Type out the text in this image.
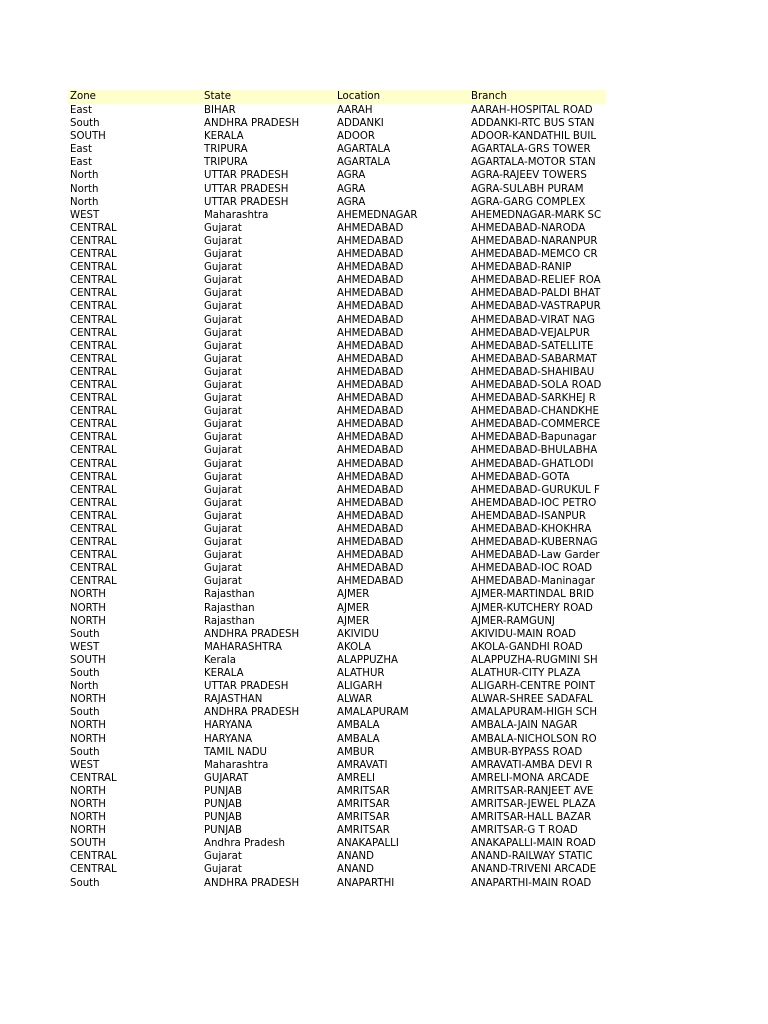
Zone	State	Location	Branch
East	BIHAR	AARAH	AARAH-HOSPITAL ROAD
South	ANDHRA PRADESH	ADDANKI	ADDANKI-RTC BUS STAN
SOUTH	KERALA	ADOOR	ADOOR-KANDATHIL BUIL
East	TRIPURA	AGARTALA	AGARTALA-GRS TOWER
East	TRIPURA	AGARTALA	AGARTALA-MOTOR STAN
North	UTTAR PRADESH	AGRA	AGRA-RAJEEV TOWERS
North	UTTAR PRADESH	AGRA	AGRA-SULABH PURAM
North	UTTAR PRADESH	AGRA	AGRA-GARG COMPLEX
WEST	Maharashtra	AHEMEDNAGAR	AHEMEDNAGAR-MARK SC
CENTRAL	Gujarat	AHMEDABAD	AHMEDABAD-NARODA
CENTRAL	Gujarat	AHMEDABAD	AHMEDABAD-NARANPUR
CENTRAL	Gujarat	AHMEDABAD	AHMEDABAD-MEMCO CR
CENTRAL	Gujarat	AHMEDABAD	AHMEDABAD-RANIP
CENTRAL	Gujarat	AHMEDABAD	AHMEDABAD-RELIEF ROA
CENTRAL	Gujarat	AHMEDABAD	AHMEDABAD-PALDI BHAT
CENTRAL	Gujarat	AHMEDABAD	AHMEDABAD-VASTRAPUR
CENTRAL	Gujarat	AHMEDABAD	AHMEDABAD-VIRAT NAG
CENTRAL	Gujarat	AHMEDABAD	AHMEDABAD-VEJALPUR
CENTRAL	Gujarat	AHMEDABAD	AHMEDABAD-SATELLITE
CENTRAL	Gujarat	AHMEDABAD	AHMEDABAD-SABARMAT
CENTRAL	Gujarat	AHMEDABAD	AHMEDABAD-SHAHIBAU
CENTRAL	Gujarat	AHMEDABAD	AHMEDABAD-SOLA ROAD
CENTRAL	Gujarat	AHMEDABAD	AHMEDABAD-SARKHEJ R
CENTRAL	Gujarat	AHMEDABAD	AHMEDABAD-CHANDKHE
CENTRAL	Gujarat	AHMEDABAD	AHMEDABAD-COMMERCE
CENTRAL	Gujarat	AHMEDABAD	AHMEDABAD-Bapunagar
CENTRAL	Gujarat	AHMEDABAD	AHMEDABAD-BHULABHA
CENTRAL	Gujarat	AHMEDABAD	AHMEDABAD-GHATLODI
CENTRAL	Gujarat	AHMEDABAD	AHMEDABAD-GOTA
CENTRAL	Gujarat	AHMEDABAD	AHMEDABAD-GURUKUL F
CENTRAL	Gujarat	AHMEDABAD	AHEMDABAD-IOC PETRO
CENTRAL	Gujarat	AHMEDABAD	AHEMDABAD-ISANPUR
CENTRAL	Gujarat	AHMEDABAD	AHMEDABAD-KHOKHRA
CENTRAL	Gujarat	AHMEDABAD	AHMEDABAD-KUBERNAG
CENTRAL	Gujarat	AHMEDABAD	AHMEDABAD-Law Garder
CENTRAL	Gujarat	AHMEDABAD	AHMEDABAD-IOC ROAD
CENTRAL	Gujarat	AHMEDABAD	AHMEDABAD-Maninagar
NORTH	Rajasthan	AJMER	AJMER-MARTINDAL BRID
NORTH	Rajasthan	AJMER	AJMER-KUTCHERY ROAD
NORTH	Rajasthan	AJMER	AJMER-RAMGUNJ
South	ANDHRA PRADESH	AKIVIDU	AKIVIDU-MAIN ROAD
WEST	MAHARASHTRA	AKOLA	AKOLA-GANDHI ROAD
SOUTH	Kerala	ALAPPUZHA	ALAPPUZHA-RUGMINI SH
South	KERALA	ALATHUR	ALATHUR-CITY PLAZA
North	UTTAR PRADESH	ALIGARH	ALIGARH-CENTRE POINT
NORTH	RAJASTHAN	ALWAR	ALWAR-SHREE SADAFAL
South	ANDHRA PRADESH	AMALAPURAM	AMALAPURAM-HIGH SCH
NORTH	HARYANA	AMBALA	AMBALA-JAIN NAGAR
NORTH	HARYANA	AMBALA	AMBALA-NICHOLSON RO
South	TAMIL NADU	AMBUR	AMBUR-BYPASS ROAD
WEST	Maharashtra	AMRAVATI	AMRAVATI-AMBA DEVI R
CENTRAL	GUJARAT	AMRELI	AMRELI-MONA ARCADE
NORTH	PUNJAB	AMRITSAR	AMRITSAR-RANJEET AVE
NORTH	PUNJAB	AMRITSAR	AMRITSAR-JEWEL PLAZA
NORTH	PUNJAB	AMRITSAR	AMRITSAR-HALL BAZAR
NORTH	PUNJAB	AMRITSAR	AMRITSAR-G T ROAD
SOUTH	Andhra Pradesh	ANAKAPALLI	ANAKAPALLI-MAIN ROAD
CENTRAL	Gujarat	ANAND	ANAND-RAILWAY STATIC
CENTRAL	Gujarat	ANAND	ANAND-TRIVENI ARCADE
South	ANDHRA PRADESH	ANAPARTHI	ANAPARTHI-MAIN ROAD
